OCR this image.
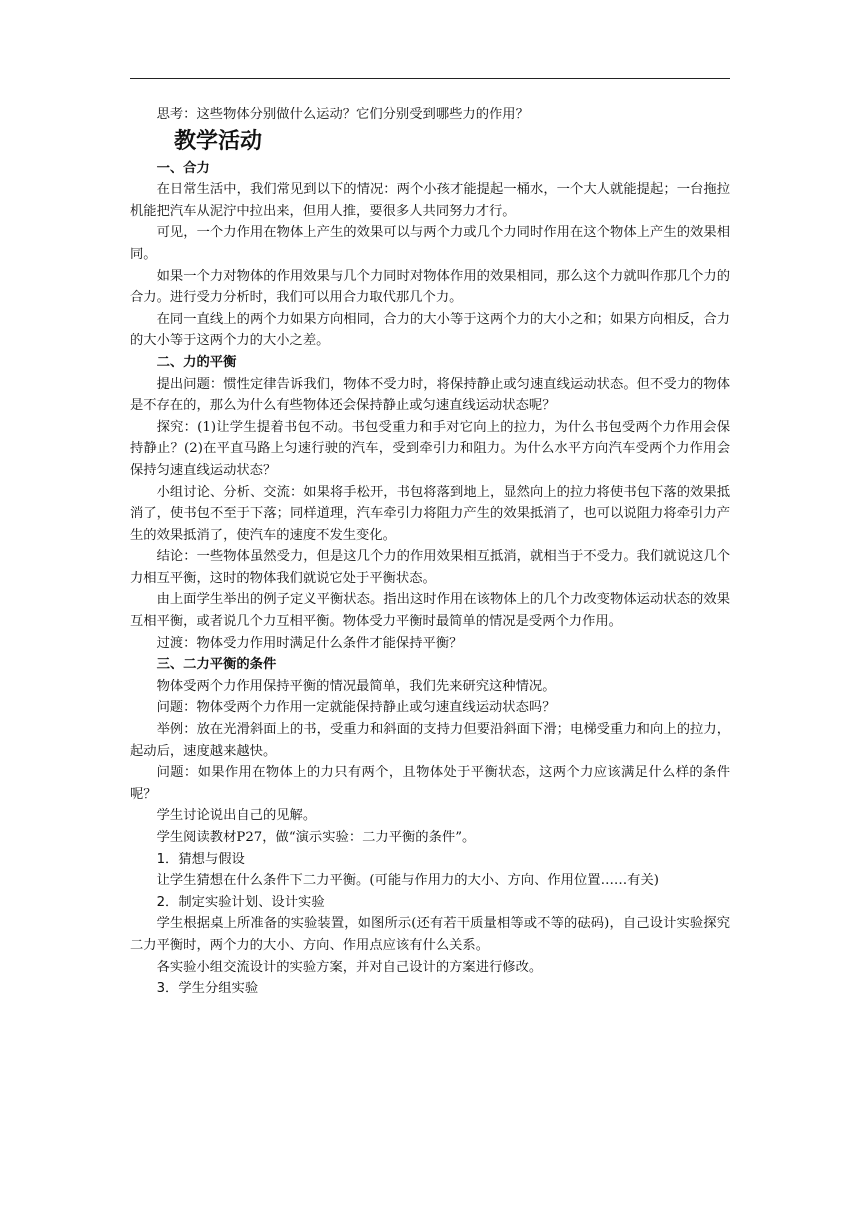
思考：这些物体分别做什么运动？它们分别受到哪些力的作用？

教学活动

一、合力

在日常生活中，我们常见到以下的情况：两个小孩才能提起一桶水，一个大人就能提起；一台拖拉机能把汽车从泥泞中拉出来，但用人推，要很多人共同努力才行。

可见，一个力作用在物体上产生的效果可以与两个力或几个力同时作用在这个物体上产生的效果相同。

如果一个力对物体的作用效果与几个力同时对物体作用的效果相同，那么这个力就叫作那几个力的合力。进行受力分析时，我们可以用合力取代那几个力。

在同一直线上的两个力如果方向相同，合力的大小等于这两个力的大小之和；如果方向相反，合力的大小等于这两个力的大小之差。

二、力的平衡

提出问题：惯性定律告诉我们，物体不受力时，将保持静止或匀速直线运动状态。但不受力的物体是不存在的，那么为什么有些物体还会保持静止或匀速直线运动状态呢？

探究：(1)让学生提着书包不动。书包受重力和手对它向上的拉力，为什么书包受两个力作用会保持静止？(2)在平直马路上匀速行驶的汽车，受到牵引力和阻力。为什么水平方向汽车受两个力作用会保持匀速直线运动状态？

小组讨论、分析、交流：如果将手松开，书包将落到地上，显然向上的拉力将使书包下落的效果抵消了，使书包不至于下落；同样道理，汽车牵引力将阻力产生的效果抵消了，也可以说阻力将牵引力产生的效果抵消了，使汽车的速度不发生变化。

结论：一些物体虽然受力，但是这几个力的作用效果相互抵消，就相当于不受力。我们就说这几个力相互平衡，这时的物体我们就说它处于平衡状态。

由上面学生举出的例子定义平衡状态。指出这时作用在该物体上的几个力改变物体运动状态的效果互相平衡，或者说几个力互相平衡。物体受力平衡时最简单的情况是受两个力作用。

过渡：物体受力作用时满足什么条件才能保持平衡？

三、二力平衡的条件

物体受两个力作用保持平衡的情况最简单，我们先来研究这种情况。

问题：物体受两个力作用一定就能保持静止或匀速直线运动状态吗？

举例：放在光滑斜面上的书，受重力和斜面的支持力但要沿斜面下滑；电梯受重力和向上的拉力，起动后，速度越来越快。

问题：如果作用在物体上的力只有两个，且物体处于平衡状态，这两个力应该满足什么样的条件呢？

学生讨论说出自己的见解。

学生阅读教材P27，做“演示实验：二力平衡的条件”。

1．猜想与假设

让学生猜想在什么条件下二力平衡。(可能与作用力的大小、方向、作用位置……有关)

2．制定实验计划、设计实验

学生根据桌上所准备的实验装置，如图所示(还有若干质量相等或不等的砝码)，自己设计实验探究二力平衡时，两个力的大小、方向、作用点应该有什么关系。

各实验小组交流设计的实验方案，并对自己设计的方案进行修改。

3．学生分组实验
